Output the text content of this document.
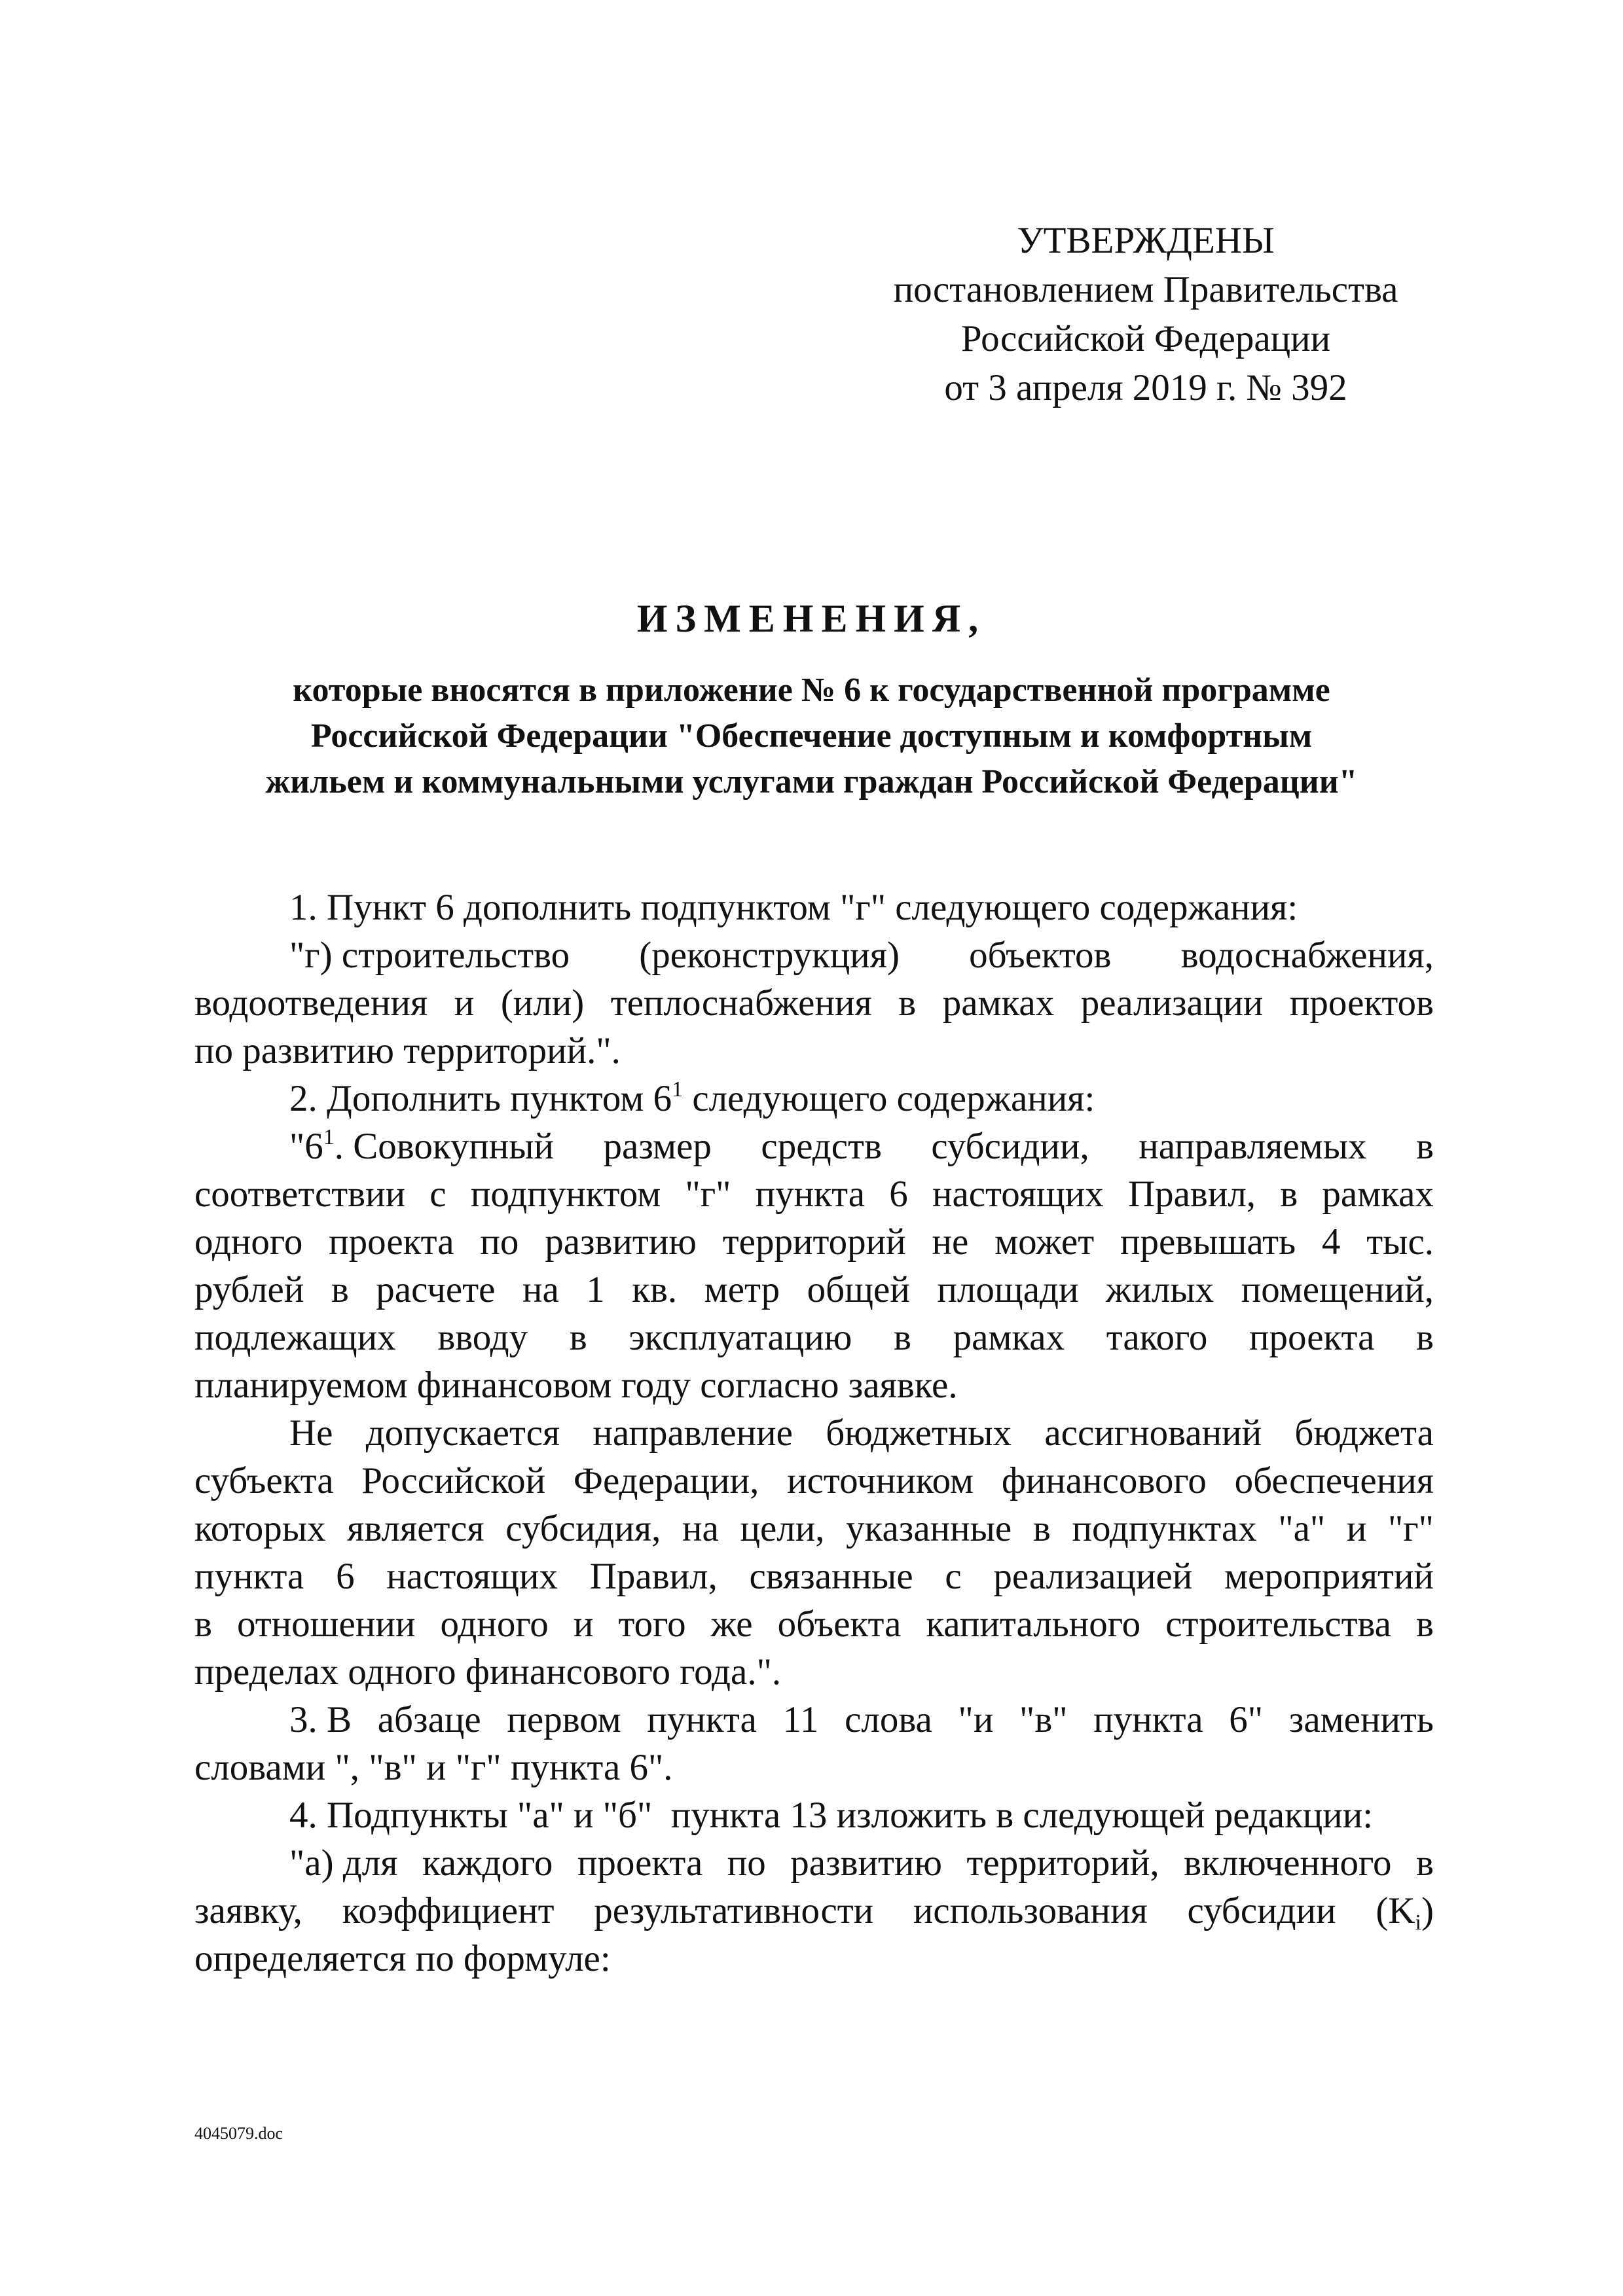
УТВЕРЖДЕНЫ
постановлением Правительства
Российской Федерации
от 3 апреля 2019 г. № 392
ИЗМЕНЕНИЯ,
которые вносятся в приложение № 6 к государственной программе
Российской Федерации "Обеспечение доступным и комфортным
жильем и коммунальными услугами граждан Российской Федерации"
1. Пункт 6 дополнить подпунктом "г" следующего содержания:
"г) строительство (реконструкция) объектов водоснабжения,
водоотведения и (или) теплоснабжения в рамках реализации проектов
по развитию территорий.".
2. Дополнить пунктом $6^1$ следующего содержания:
"$6^1$. Совокупный размер средств субсидии, направляемых в
соответствии с подпунктом "г" пункта 6 настоящих Правил, в рамках
одного проекта по развитию территорий не может превышать 4 тыс.
рублей в расчете на 1 кв. метр общей площади жилых помещений,
подлежащих вводу в эксплуатацию в рамках такого проекта в
планируемом финансовом году согласно заявке.
Не допускается направление бюджетных ассигнований бюджета
субъекта Российской Федерации, источником финансового обеспечения
которых является субсидия, на цели, указанные в подпунктах "а" и "г"
пункта 6 настоящих Правил, связанные с реализацией мероприятий
в отношении одного и того же объекта капитального строительства в
пределах одного финансового года.".
3. В абзаце первом пункта 11 слова "и "в" пункта 6" заменить
словами ", "в" и "г" пункта 6".
4. Подпункты "а" и "б"  пункта 13 изложить в следующей редакции:
"а) для каждого проекта по развитию территорий, включенного в
заявку, коэффициент результативности использования субсидии $(K_i)$
определяется по формуле:
4045079.doc
